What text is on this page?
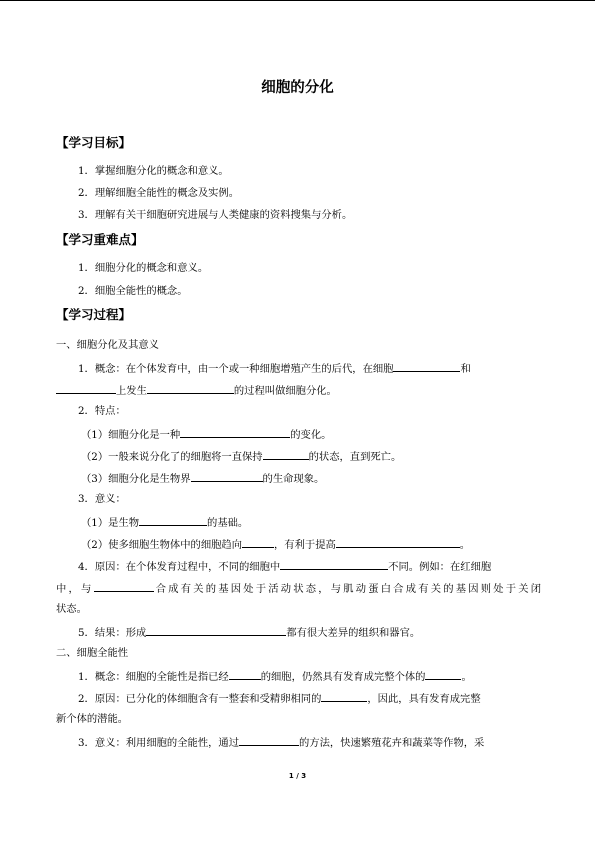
细胞的分化
【学习目标】
1．掌握细胞分化的概念和意义。
2．理解细胞全能性的概念及实例。
3．理解有关干细胞研究进展与人类健康的资料搜集与分析。
【学习重难点】
1．细胞分化的概念和意义。
2．细胞全能性的概念。
【学习过程】
一、细胞分化及其意义
1．概念：在个体发育中，由一个或一种细胞增殖产生的后代，在细胞	和
上发生	的过程叫做细胞分化。
2．特点：
（1）细胞分化是一种	的变化。
（2）一般来说分化了的细胞将一直保持	的状态，直到死亡。
（3）细胞分化是生物界	的生命现象。
3．意义：
（1）是生物	的基础。
（2）使多细胞生物体中的细胞趋向	，有利于提高	。
4．原因：在个体发育过程中，不同的细胞中	不同。例如：在红细胞
中，与	合成有关的基因处于活动状态，与肌动蛋白合成有关的基因则处于关闭
状态。
5．结果：形成	都有很大差异的组织和器官。
二、细胞全能性
1．概念：细胞的全能性是指已经	的细胞，仍然具有发育成完整个体的	。
2．原因：已分化的体细胞含有一整套和受精卵相同的	，因此，具有发育成完整
新个体的潜能。
3．意义：利用细胞的全能性，通过	的方法，快速繁殖花卉和蔬菜等作物，采
1 / 3
